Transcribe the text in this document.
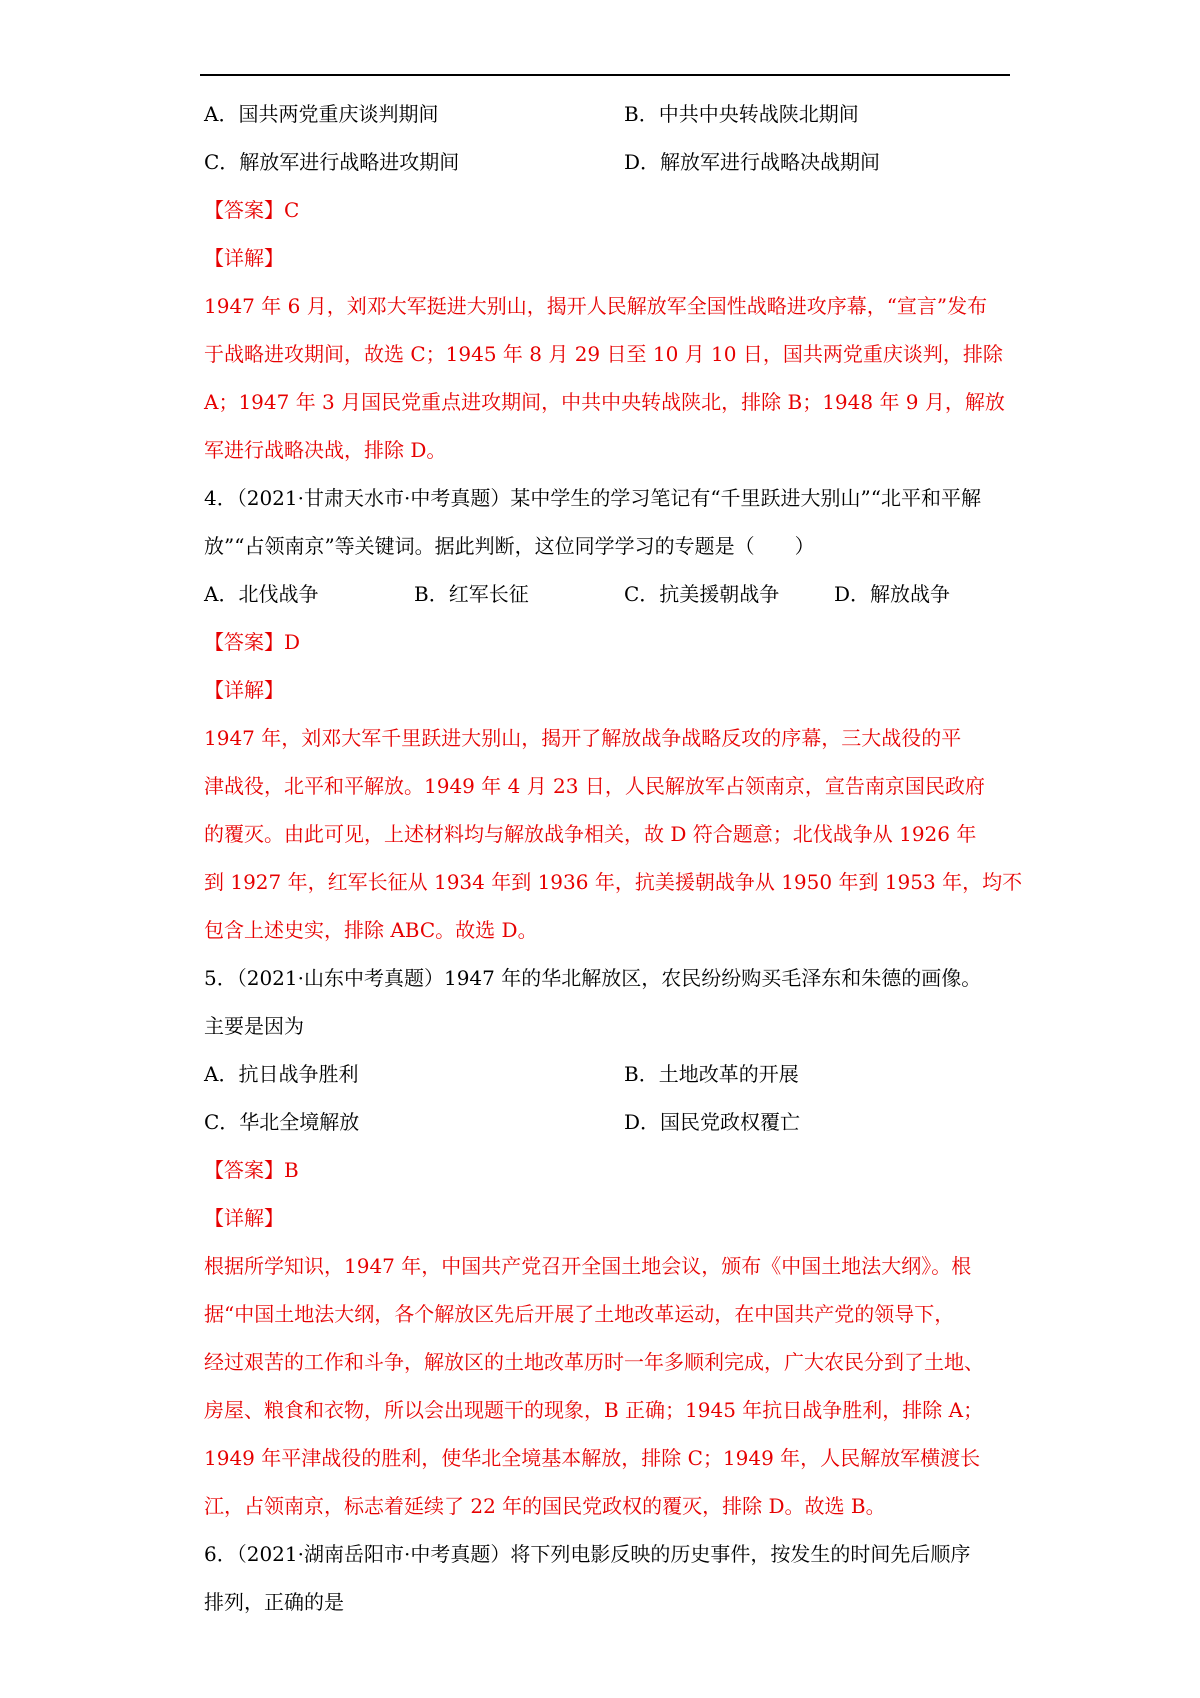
A．国共两党重庆谈判期间	B．中共中央转战陕北期间
C．解放军进行战略进攻期间	D．解放军进行战略决战期间
【答案】C
【详解】
1947 年 6 月，刘邓大军挺进大别山，揭开人民解放军全国性战略进攻序幕，“宣言”发布
于战略进攻期间，故选 C；1945 年 8 月 29 日至 10 月 10 日，国共两党重庆谈判，排除
A；1947 年 3 月国民党重点进攻期间，中共中央转战陕北，排除 B；1948 年 9 月，解放
军进行战略决战，排除 D。
4．（2021·甘肃天水市·中考真题）某中学生的学习笔记有“千里跃进大别山”“北平和平解
放”“占领南京”等关键词。据此判断，这位同学学习的专题是（　　）
A．北伐战争	B．红军长征	C．抗美援朝战争	D．解放战争
【答案】D
【详解】
1947 年，刘邓大军千里跃进大别山，揭开了解放战争战略反攻的序幕，三大战役的平
津战役，北平和平解放。1949 年 4 月 23 日，人民解放军占领南京，宣告南京国民政府
的覆灭。由此可见，上述材料均与解放战争相关，故 D 符合题意；北伐战争从 1926 年
到 1927 年，红军长征从 1934 年到 1936 年，抗美援朝战争从 1950 年到 1953 年，均不
包含上述史实，排除 ABC。故选 D。
5．（2021·山东中考真题）1947 年的华北解放区，农民纷纷购买毛泽东和朱德的画像。
主要是因为
A．抗日战争胜利	B．土地改革的开展
C．华北全境解放	D．国民党政权覆亡
【答案】B
【详解】
根据所学知识，1947 年，中国共产党召开全国土地会议，颁布《中国土地法大纲》。根
据“中国土地法大纲，各个解放区先后开展了土地改革运动，在中国共产党的领导下，
经过艰苦的工作和斗争，解放区的土地改革历时一年多顺利完成，广大农民分到了土地、
房屋、粮食和衣物，所以会出现题干的现象，B 正确；1945 年抗日战争胜利，排除 A；
1949 年平津战役的胜利，使华北全境基本解放，排除 C；1949 年，人民解放军横渡长
江，占领南京，标志着延续了 22 年的国民党政权的覆灭，排除 D。故选 B。
6．（2021·湖南岳阳市·中考真题）将下列电影反映的历史事件，按发生的时间先后顺序
排列，正确的是
